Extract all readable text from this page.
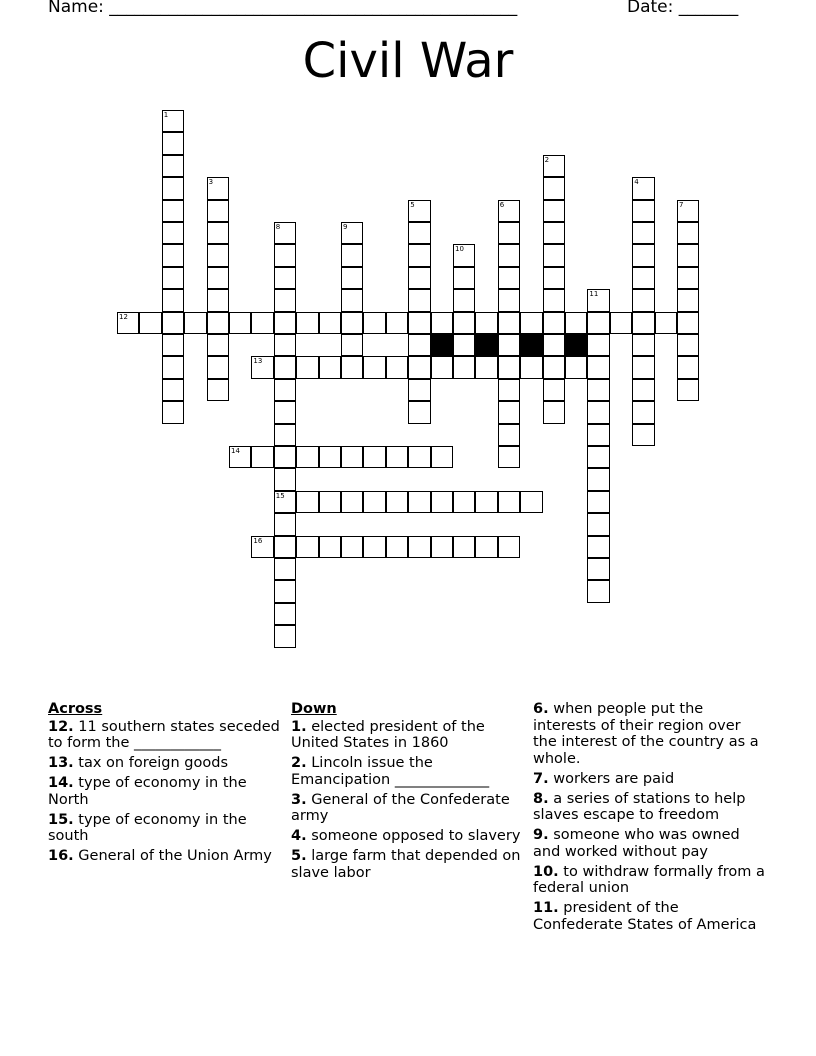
Name: ________________________________________________	Date: _______
Civil War
1
2
3	4
5	6	7
8
15
9
10
11
12
13
14
16
Across
12. 11 southern states seceded to form the ____________
13. tax on foreign goods
14. type of economy in the North
15. type of economy in the south
16. General of the Union Army
Down
1. elected president of the United States in 1860
2. Lincoln issue the Emancipation _____________
3. General of the Confederate army
4. someone opposed to slavery
5. large farm that depended on slave labor
6. when people put the interests of their region over the interest of the country as a whole.
7. workers are paid
8. a series of stations to help slaves escape to freedom
9. someone who was owned and worked without pay
10. to withdraw formally from a federal union
11. president of the Confederate States of America
